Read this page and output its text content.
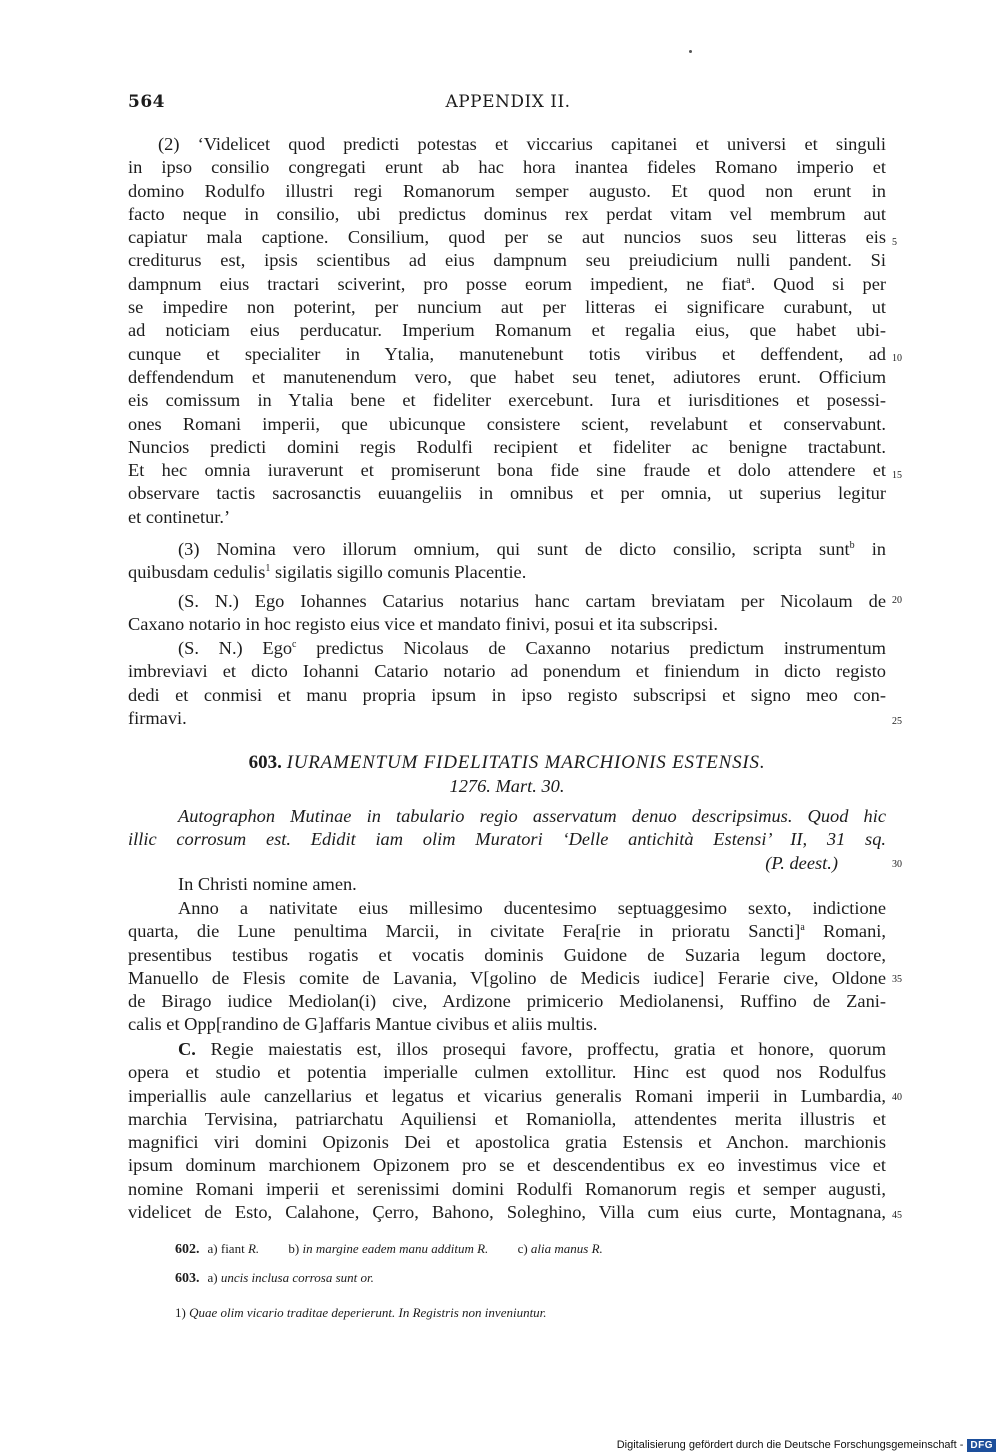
564	APPENDIX II.
(2) ‘Videlicet quod predicti potestas et viccarius capitanei et universi et singuli
in ipso consilio congregati erunt ab hac hora inantea fideles Romano imperio et
domino Rodulfo illustri regi Romanorum semper augusto. Et quod non erunt in
facto neque in consilio, ubi predictus dominus rex perdat vitam vel membrum aut
capiatur mala captione. Consilium, quod per se aut nuncios suos seu litteras eis
crediturus est, ipsis scientibus ad eius dampnum seu preiudicium nulli pandent. Si
dampnum eius tractari sciverint, pro posse eorum impedient, ne fiat$^a$. Quod si per
se impedire non poterint, per nuncium aut per litteras ei significare curabunt, ut
ad noticiam eius perducatur. Imperium Romanum et regalia eius, que habet ubi-
cunque et specialiter in Ytalia, manutenebunt totis viribus et deffendent, ad
deffendendum et manutenendum vero, que habet seu tenet, adiutores erunt. Officium
eis comissum in Ytalia bene et fideliter exercebunt. Iura et iurisditiones et posessi-
ones Romani imperii, que ubicunque consistere scient, revelabunt et conservabunt.
Nuncios predicti domini regis Rodulfi recipient et fideliter ac benigne tractabunt.
Et hec omnia iuraverunt et promiserunt bona fide sine fraude et dolo attendere et
observare tactis sacrosanctis euuangeliis in omnibus et per omnia, ut superius legitur
et continetur.’
(3) Nomina vero illorum omnium, qui sunt de dicto consilio, scripta sunt$^b$ in
quibusdam cedulis$^1$ sigilatis sigillo comunis Placentie.
(S. N.) Ego Iohannes Catarius notarius hanc cartam breviatam per Nicolaum de
Caxano notario in hoc registo eius vice et mandato finivi, posui et ita subscripsi.
(S. N.) Ego$^c$ predictus Nicolaus de Caxanno notarius predictum instrumentum
imbreviavi et dicto Iohanni Catario notario ad ponendum et finiendum in dicto registo
dedi et conmisi et manu propria ipsum in ipso registo subscripsi et signo meo con-
firmavi.
603. IURAMENTUM FIDELITATIS MARCHIONIS ESTENSIS.
1276. Mart. 30.
Autographon Mutinae in tabulario regio asservatum denuo descripsimus. Quod hic
illic corrosum est. Edidit iam olim Muratori ‘Delle antichità Estensi’ II, 31 sq.
(P. deest.)
In Christi nomine amen.
Anno a nativitate eius millesimo ducentesimo septuaggesimo sexto, indictione
quarta, die Lune penultima Marcii, in civitate Fera[rie in prioratu Sancti]$^a$ Romani,
presentibus testibus rogatis et vocatis dominis Guidone de Suzaria legum doctore,
Manuello de Flesis comite de Lavania, V[golino de Medicis iudice] Ferarie cive, Oldone
de Birago iudice Mediolan(i) cive, Ardizone primicerio Mediolanensi, Ruffino de Zani-
calis et Opp[randino de G]affaris Mantue civibus et aliis multis.
C. Regie maiestatis est, illos prosequi favore, proffectu, gratia et honore, quorum
opera et studio et potentia imperialle culmen extollitur. Hinc est quod nos Rodulfus
imperiallis aule canzellarius et legatus et vicarius generalis Romani imperii in Lumbardia,
marchia Tervisina, patriarchatu Aquiliensi et Romaniolla, attendentes merita illustris et
magnifici viri domini Opizonis Dei et apostolica gratia Estensis et Anchon. marchionis
ipsum dominum marchionem Opizonem pro se et descendentibus ex eo investimus vice et
nomine Romani imperii et serenissimi domini Rodulfi Romanorum regis et semper augusti,
videlicet de Esto, Calahone, Çerro, Bahono, Soleghino, Villa cum eius curte, Montagnana,
5
10
15
20
25
30
35
40
45
602. a) fiant R. b) in margine eadem manu additum R. c) alia manus R.
603. a) uncis inclusa corrosa sunt or.
1) Quae olim vicario traditae deperierunt. In Registris non inveniuntur.
Digitalisierung gefördert durch die Deutsche Forschungsgemeinschaft - DFG
